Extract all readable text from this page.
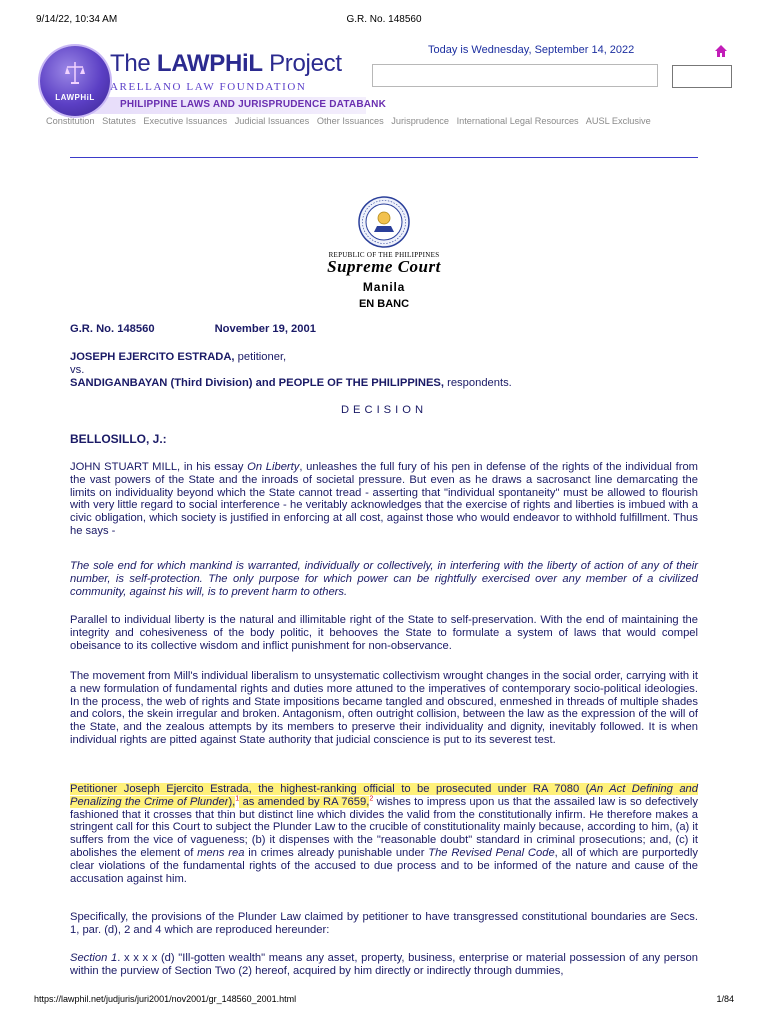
9/14/22, 10:34 AM	G.R. No. 148560
PHILIPPINE LAWS AND JURISPRUDENCE DATABANK
LAWPHiL
The LAWPHiL Project
ARELLANO LAW FOUNDATION
Today is Wednesday, September 14, 2022
Constitution Statutes Executive Issuances Judicial Issuances Other Issuances Jurisprudence International Legal Resources AUSL Exclusive
REPUBLIC OF THE PHILIPPINES
Supreme Court
Manila
EN BANC
G.R. No. 148560	November 19, 2001
JOSEPH EJERCITO ESTRADA, petitioner,
vs.
SANDIGANBAYAN (Third Division) and PEOPLE OF THE PHILIPPINES, respondents.
DECISION
BELLOSILLO, J.:
JOHN STUART MILL, in his essay On Liberty, unleashes the full fury of his pen in defense of the rights of the individual from the vast powers of the State and the inroads of societal pressure. But even as he draws a sacrosanct line demarcating the limits on individuality beyond which the State cannot tread - asserting that "individual spontaneity" must be allowed to flourish with very little regard to social interference - he veritably acknowledges that the exercise of rights and liberties is imbued with a civic obligation, which society is justified in enforcing at all cost, against those who would endeavor to withhold fulfillment. Thus he says -
The sole end for which mankind is warranted, individually or collectively, in interfering with the liberty of action of any of their number, is self-protection. The only purpose for which power can be rightfully exercised over any member of a civilized community, against his will, is to prevent harm to others.
Parallel to individual liberty is the natural and illimitable right of the State to self-preservation. With the end of maintaining the integrity and cohesiveness of the body politic, it behooves the State to formulate a system of laws that would compel obeisance to its collective wisdom and inflict punishment for non-observance.
The movement from Mill's individual liberalism to unsystematic collectivism wrought changes in the social order, carrying with it a new formulation of fundamental rights and duties more attuned to the imperatives of contemporary socio-political ideologies. In the process, the web of rights and State impositions became tangled and obscured, enmeshed in threads of multiple shades and colors, the skein irregular and broken. Antagonism, often outright collision, between the law as the expression of the will of the State, and the zealous attempts by its members to preserve their individuality and dignity, inevitably followed. It is when individual rights are pitted against State authority that judicial conscience is put to its severest test.
Petitioner Joseph Ejercito Estrada, the highest-ranking official to be prosecuted under RA 7080 (An Act Defining and Penalizing the Crime of Plunder),$^1$ as amended by RA 7659,$^2$ wishes to impress upon us that the assailed law is so defectively fashioned that it crosses that thin but distinct line which divides the valid from the constitutionally infirm. He therefore makes a stringent call for this Court to subject the Plunder Law to the crucible of constitutionality mainly because, according to him, (a) it suffers from the vice of vagueness; (b) it dispenses with the "reasonable doubt" standard in criminal prosecutions; and, (c) it abolishes the element of mens rea in crimes already punishable under The Revised Penal Code, all of which are purportedly clear violations of the fundamental rights of the accused to due process and to be informed of the nature and cause of the accusation against him.
Specifically, the provisions of the Plunder Law claimed by petitioner to have transgressed constitutional boundaries are Secs. 1, par. (d), 2 and 4 which are reproduced hereunder:
Section 1. x x x x (d) "Ill-gotten wealth" means any asset, property, business, enterprise or material possession of any person within the purview of Section Two (2) hereof, acquired by him directly or indirectly through dummies,
https://lawphil.net/judjuris/juri2001/nov2001/gr_148560_2001.html	1/84
